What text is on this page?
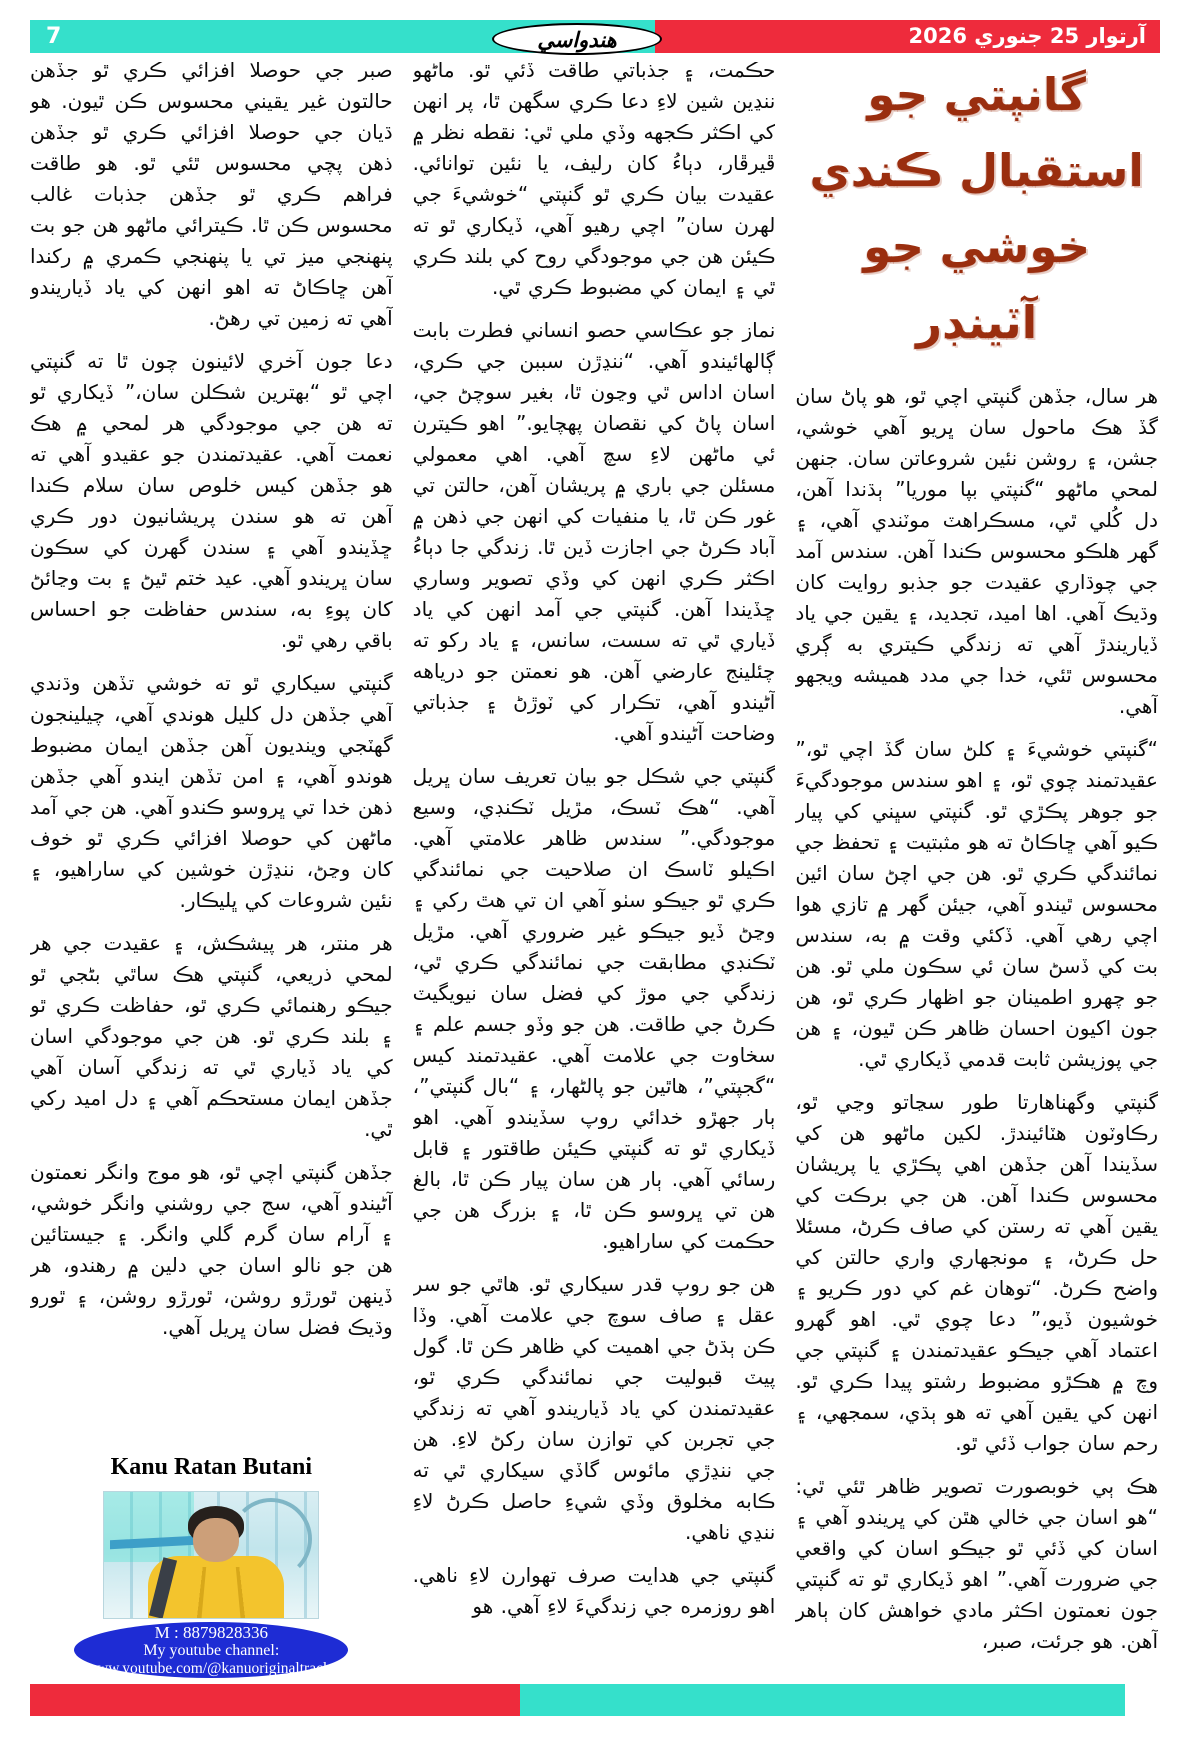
7	آرتوار 25 جنوري 2026
هندواسي
گانپتي جو
استقبال ڪندي
خوشي جو آٽينڊر

هر سال، جڏهن گنپتي اچي ٿو، هو پاڻ سان گڏ هڪ ماحول سان ڀريو آهي خوشي، جشن، ۽ روشن نئين شروعاتن سان. جنهن لمحي ماڻهو “گنپتي بپا موريا” ٻڌندا آهن، دل کُلي ٿي، مسڪراهٽ موٽندي آهي، ۽ گهر هلڪو محسوس ڪندا آهن. سندس آمد جي چوڌاري عقيدت جو جذبو روايت کان وڌيڪ آهي. اها اميد، تجديد، ۽ يقين جي ياد ڏياريندڙ آهي ته زندگي ڪيتري به ڳري محسوس ٿئي، خدا جي مدد هميشه ويجهو آهي.

“گنپتي خوشيءَ ۽ کلڻ سان گڏ اچي ٿو،” عقيدتمند چوي ٿو، ۽ اهو سندس موجودگيءَ جو جوهر پڪڙي ٿو. گنپتي سڀني کي پيار ڪيو آهي ڇاڪاڻ ته هو مثبتيت ۽ تحفظ جي نمائندگي ڪري ٿو. هن جي اچڻ سان ائين محسوس ٿيندو آهي، جيئن گهر ۾ تازي هوا اچي رهي آهي. ڏکئي وقت ۾ به، سندس بت کي ڏسڻ سان ئي سڪون ملي ٿو. هن جو چهرو اطمينان جو اظهار ڪري ٿو، هن جون اکيون احسان ظاهر ڪن ٿيون، ۽ هن جي پوزيشن ثابت قدمي ڏيکاري ٿي.

گنپتي وگهناهارتا طور سڃاتو وڃي ٿو، رڪاوٽون هٽائيندڙ. لکين ماڻهو هن کي سڏيندا آهن جڏهن اهي پڪڙي يا پريشان محسوس ڪندا آهن. هن جي برڪت کي يقين آهي ته رستن کي صاف ڪرڻ، مسئلا حل ڪرڻ، ۽ مونجهاري واري حالتن کي واضح ڪرڻ. “توهان غم کي دور ڪريو ۽ خوشيون ڏيو،” دعا چوي ٿي. اهو گهرو اعتماد آهي جيڪو عقيدتمندن ۽ گنپتي جي وچ ۾ هڪڙو مضبوط رشتو پيدا ڪري ٿو. انهن کي يقين آهي ته هو ٻڌي، سمجهي، ۽ رحم سان جواب ڏئي ٿو.

هڪ ٻي خوبصورت تصوير ظاهر ٿئي ٿي: “هو اسان جي خالي هٿن کي ڀريندو آهي ۽ اسان کي ڏئي ٿو جيڪو اسان کي واقعي جي ضرورت آهي.” اهو ڏيکاري ٿو ته گنپتي جون نعمتون اڪثر مادي خواهش کان ٻاهر آهن. هو جرئت، صبر،

حڪمت، ۽ جذباتي طاقت ڏئي ٿو. ماڻهو ننڍين شين لاءِ دعا ڪري سگهن ٿا، پر انهن کي اڪثر ڪجهه وڏي ملي ٿي: نقطه نظر ۾ ڦيرڦار، دٻاءُ کان رليف، يا نئين توانائي. عقيدت بيان ڪري ٿو گنپتي “خوشيءَ جي لهرن سان” اچي رهيو آهي، ڏيکاري ٿو ته ڪيئن هن جي موجودگي روح کي بلند ڪري ٿي ۽ ايمان کي مضبوط ڪري ٿي.

نماز جو عڪاسي حصو انساني فطرت بابت ڳالهائيندو آهي. “ننڍڙن سببن جي ڪري، اسان اداس ٿي وڃون ٿا، بغير سوچڻ جي، اسان پاڻ کي نقصان پهچايو.” اهو ڪيترن ئي ماڻهن لاءِ سچ آهي. اهي معمولي مسئلن جي باري ۾ پريشان آهن، حالتن تي غور ڪن ٿا، يا منفيات کي انهن جي ذهن ۾ آباد ڪرڻ جي اجازت ڏين ٿا. زندگي جا دٻاءُ اڪثر ڪري انهن کي وڏي تصوير وساري ڇڏيندا آهن. گنپتي جي آمد انهن کي ياد ڏياري ٿي ته سست، سانس، ۽ ياد رکو ته چئلينج عارضي آهن. هو نعمتن جو درياهه آڻيندو آهي، تڪرار کي ٽوڙڻ ۽ جذباتي وضاحت آڻيندو آهي.

گنپتي جي شڪل جو بيان تعريف سان ڀريل آهي. “هڪ ٽسڪ، مڙيل ٽڪنڊي، وسيع موجودگي.” سندس ظاهر علامتي آهي. اڪيلو ٽاسڪ ان صلاحيت جي نمائندگي ڪري ٿو جيڪو سٺو آهي ان تي هٿ رکي ۽ وڃڻ ڏيو جيڪو غير ضروري آهي. مڙيل ٽڪنڊي مطابقت جي نمائندگي ڪري ٿي، زندگي جي موڙ کي فضل سان نيويگيٽ ڪرڻ جي طاقت. هن جو وڏو جسم علم ۽ سخاوت جي علامت آهي. عقيدتمند کيس “گجپتي”، هاٿين جو پالڻهار، ۽ “بال گنپتي”، ٻار جهڙو خدائي روپ سڏيندو آهي. اهو ڏيکاري ٿو ته گنپتي ڪيئن طاقتور ۽ قابل رسائي آهي. ٻار هن سان پيار ڪن ٿا، بالغ هن تي ڀروسو ڪن ٿا، ۽ بزرگ هن جي حڪمت کي ساراهيو.

هن جو روپ قدر سيکاري ٿو. هاٿي جو سر عقل ۽ صاف سوچ جي علامت آهي. وڏا ڪن ٻڌڻ جي اهميت کي ظاهر ڪن ٿا. گول پيٽ قبوليت جي نمائندگي ڪري ٿو، عقيدتمندن کي ياد ڏياريندو آهي ته زندگي جي تجربن کي توازن سان رکڻ لاءِ. هن جي ننڍڙي مائوس گاڏي سيکاري ٿي ته ڪابه مخلوق وڏي شيءِ حاصل ڪرڻ لاءِ ننڍي ناهي.

گنپتي جي هدايت صرف تهوارن لاءِ ناهي. اهو روزمره جي زندگيءَ لاءِ آهي. هو

صبر جي حوصلا افزائي ڪري ٿو جڏهن حالتون غير يقيني محسوس ڪن ٿيون. هو ڌيان جي حوصلا افزائي ڪري ٿو جڏهن ذهن پچي محسوس ٿئي ٿو. هو طاقت فراهم ڪري ٿو جڏهن جذبات غالب محسوس ڪن ٿا. ڪيترائي ماڻهو هن جو بت پنهنجي ميز تي يا پنهنجي ڪمري ۾ رکندا آهن ڇاڪاڻ ته اهو انهن کي ياد ڏياريندو آهي ته زمين تي رهڻ.

دعا جون آخري لائينون چون ٿا ته گنپتي اچي ٿو “بهترين شڪلن سان،” ڏيکاري ٿو ته هن جي موجودگي هر لمحي ۾ هڪ نعمت آهي. عقيدتمندن جو عقيدو آهي ته هو جڏهن کيس خلوص سان سلام ڪندا آهن ته هو سندن پريشانيون دور ڪري ڇڏيندو آهي ۽ سندن گهرن کي سڪون سان ڀريندو آهي. عيد ختم ٿيڻ ۽ بت وڃائڻ کان پوءِ به، سندس حفاظت جو احساس باقي رهي ٿو.

گنپتي سيکاري ٿو ته خوشي تڏهن وڌندي آهي جڏهن دل کليل هوندي آهي، چيلينجون گهٽجي وينديون آهن جڏهن ايمان مضبوط هوندو آهي، ۽ امن تڏهن ايندو آهي جڏهن ذهن خدا تي ڀروسو ڪندو آهي. هن جي آمد ماڻهن کي حوصلا افزائي ڪري ٿو خوف کان وڃڻ، ننڍڙن خوشين کي ساراهيو، ۽ نئين شروعات کي ڀليڪار.

هر منتر، هر پيشڪش، ۽ عقيدت جي هر لمحي ذريعي، گنپتي هڪ ساٿي بڻجي ٿو جيڪو رهنمائي ڪري ٿو، حفاظت ڪري ٿو ۽ بلند ڪري ٿو. هن جي موجودگي اسان کي ياد ڏياري ٿي ته زندگي آسان آهي جڏهن ايمان مستحڪم آهي ۽ دل اميد رکي ٿي.

جڏهن گنپتي اچي ٿو، هو موج وانگر نعمتون آڻيندو آهي، سج جي روشني وانگر خوشي، ۽ آرام سان گرم گلي وانگر. ۽ جيستائين هن جو نالو اسان جي دلين ۾ رهندو، هر ڏينهن ٿورڙو روشن، ٿورڙو روشن، ۽ ٿورو وڌيڪ فضل سان ڀريل آهي.

Kanu Ratan Butani
M : 8879828336
My youtube channel:
www.youtube.com/@kanuoriginaltracks
